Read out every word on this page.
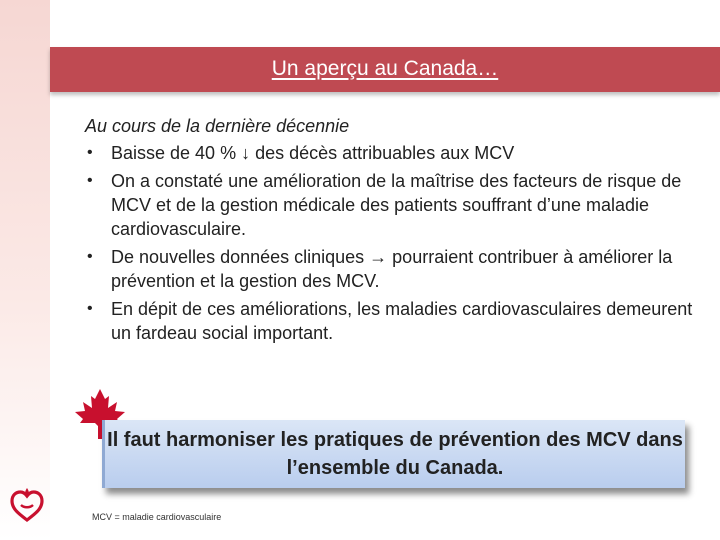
Un aperçu au Canada…
Au cours de la dernière décennie
• Baisse de 40 % ↓ des décès attribuables aux MCV
• On a constaté une amélioration de la maîtrise des facteurs de risque de MCV et de la gestion médicale des patients souffrant d’une maladie cardiovasculaire.
• De nouvelles données cliniques → pourraient contribuer à améliorer la prévention et la gestion des MCV.
• En dépit de ces améliorations, les maladies cardiovasculaires demeurent un fardeau social important.
Il faut harmoniser les pratiques de prévention des MCV dans l’ensemble du Canada.
MCV = maladie cardiovasculaire
